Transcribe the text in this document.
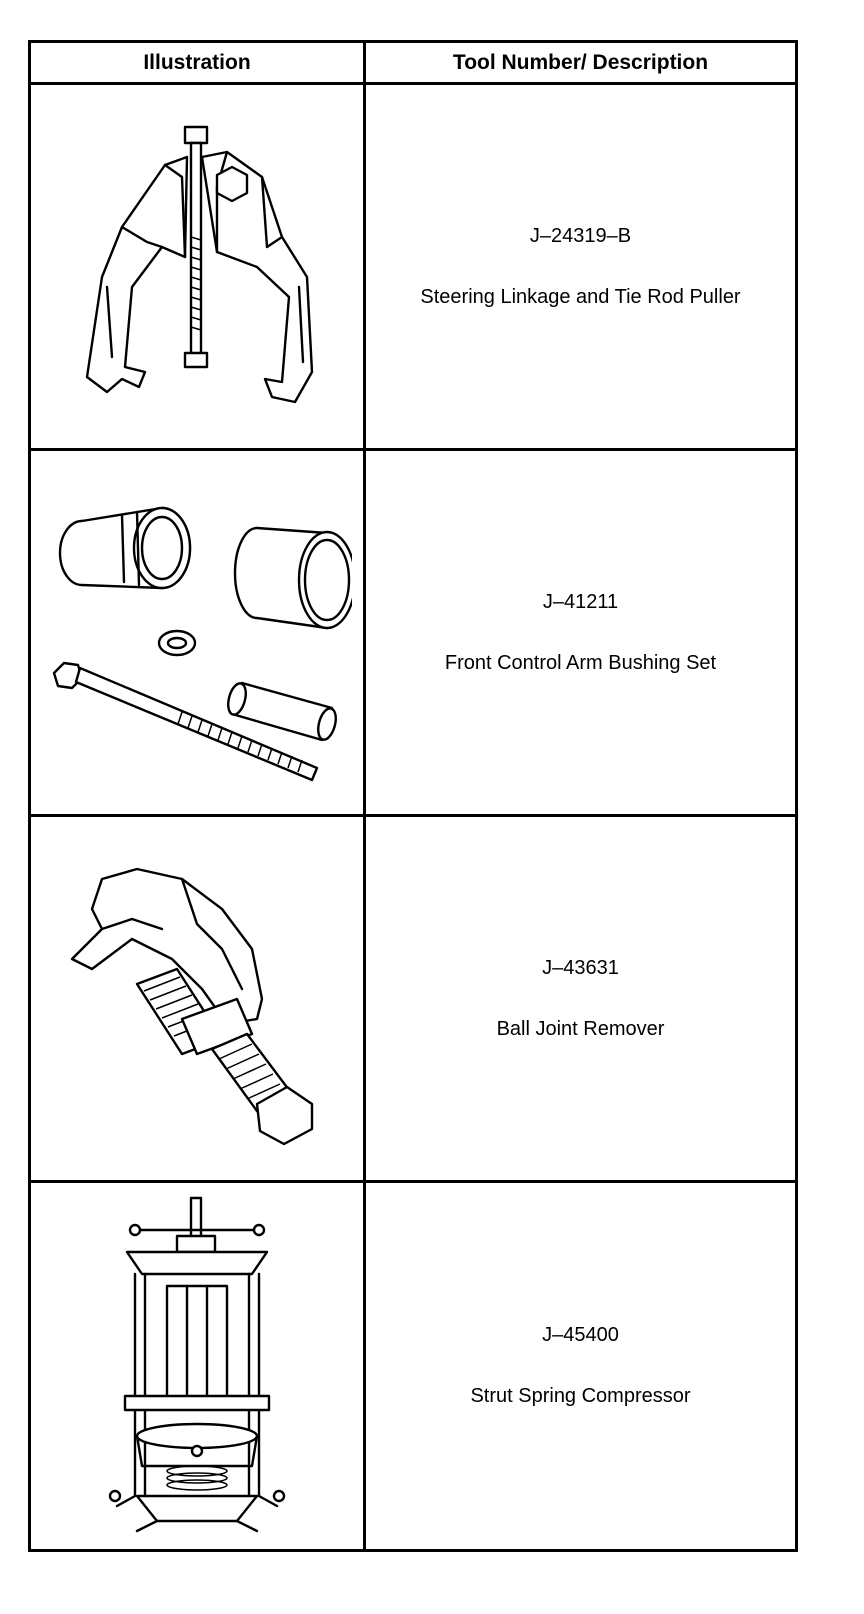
Illustration	Tool Number/ Description
J–24319–B
Steering Linkage and Tie Rod Puller
J–41211
Front Control Arm Bushing Set
J–43631
Ball Joint Remover
J–45400
Strut Spring Compressor
